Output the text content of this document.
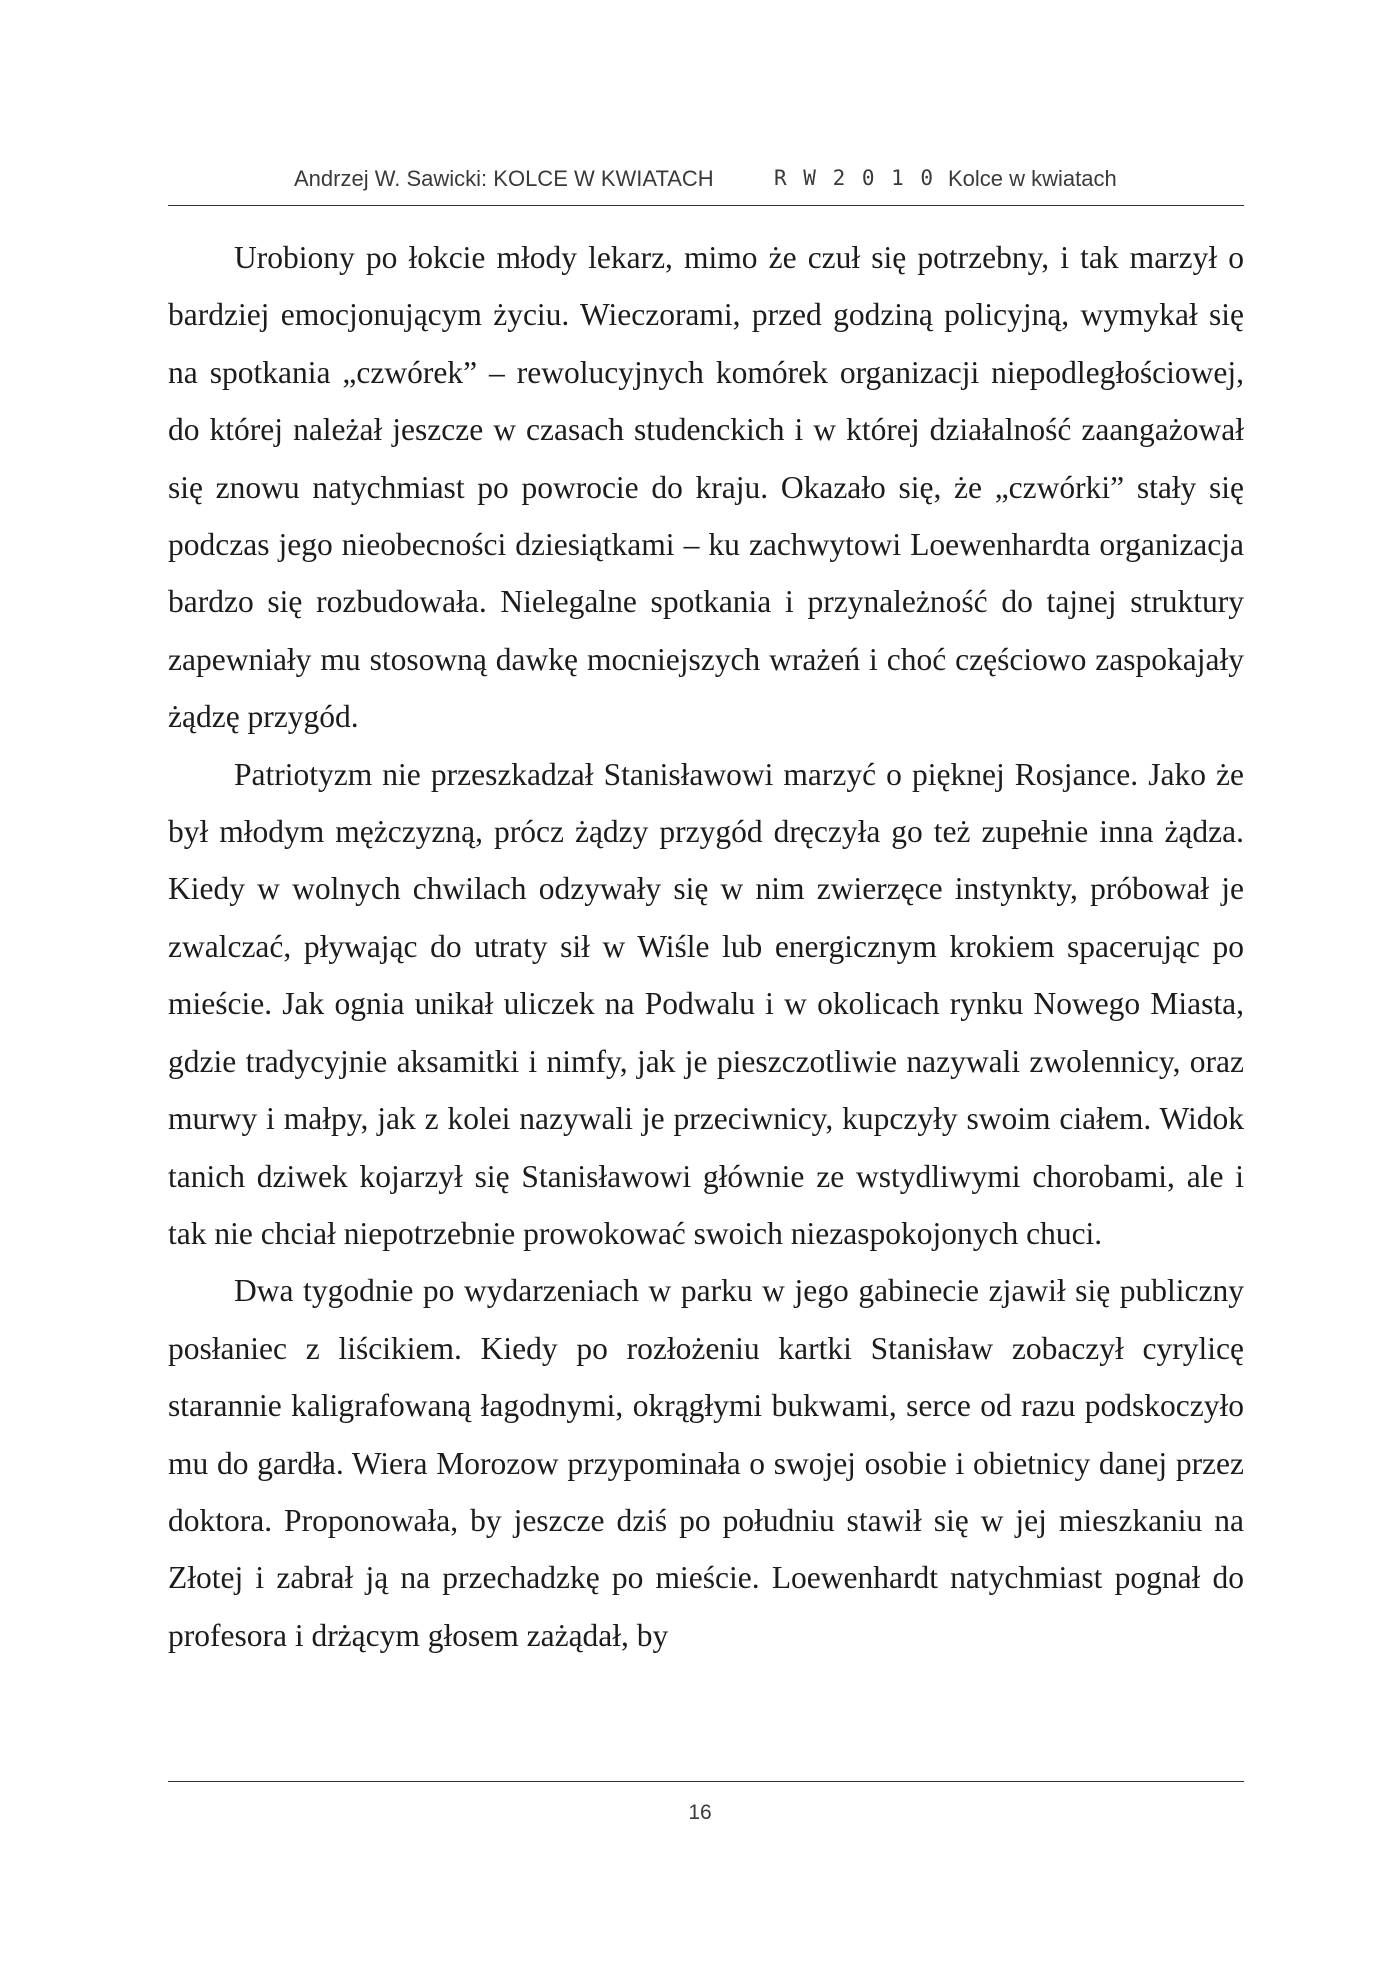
Andrzej W. Sawicki: KOLCE W KWIATACH	R W 2 0 1 0 Kolce w kwiatach

Urobiony po łokcie młody lekarz, mimo że czuł się potrzebny, i tak marzył o bardziej emocjonującym życiu. Wieczorami, przed godziną policyjną, wymykał się na spotkania „czwórek” – rewolucyjnych komórek organizacji niepodległościowej, do której należał jeszcze w czasach studenckich i w której działalność zaangażował się znowu natychmiast po powrocie do kraju. Okazało się, że „czwórki” stały się podczas jego nieobecności dziesiątkami – ku zachwytowi Loewenhardta organizacja bardzo się rozbudowała. Nielegalne spotkania i przynależność do tajnej struktury zapewniały mu stosowną dawkę mocniejszych wrażeń i choć częściowo zaspokajały żądzę przygód.

Patriotyzm nie przeszkadzał Stanisławowi marzyć o pięknej Rosjance. Jako że był młodym mężczyzną, prócz żądzy przygód dręczyła go też zupełnie inna żądza. Kiedy w wolnych chwilach odzywały się w nim zwierzęce instynkty, próbował je zwalczać, pływając do utraty sił w Wiśle lub energicznym krokiem spacerując po mieście. Jak ognia unikał uliczek na Podwalu i w okolicach rynku Nowego Miasta, gdzie tradycyjnie aksamitki i nimfy, jak je pieszczotliwie nazywali zwolennicy, oraz murwy i małpy, jak z kolei nazywali je przeciwnicy, kupczyły swoim ciałem. Widok tanich dziwek kojarzył się Stanisławowi głównie ze wstydliwymi chorobami, ale i tak nie chciał niepotrzebnie prowokować swoich niezaspokojonych chuci.

Dwa tygodnie po wydarzeniach w parku w jego gabinecie zjawił się publiczny posłaniec z liścikiem. Kiedy po rozłożeniu kartki Stanisław zobaczył cyrylicę starannie kaligrafowaną łagodnymi, okrągłymi bukwami, serce od razu podskoczyło mu do gardła. Wiera Morozow przypominała o swojej osobie i obietnicy danej przez doktora. Proponowała, by jeszcze dziś po południu stawił się w jej mieszkaniu na Złotej i zabrał ją na przechadzkę po mieście. Loewenhardt natychmiast pognał do profesora i drżącym głosem zażądał, by

16
